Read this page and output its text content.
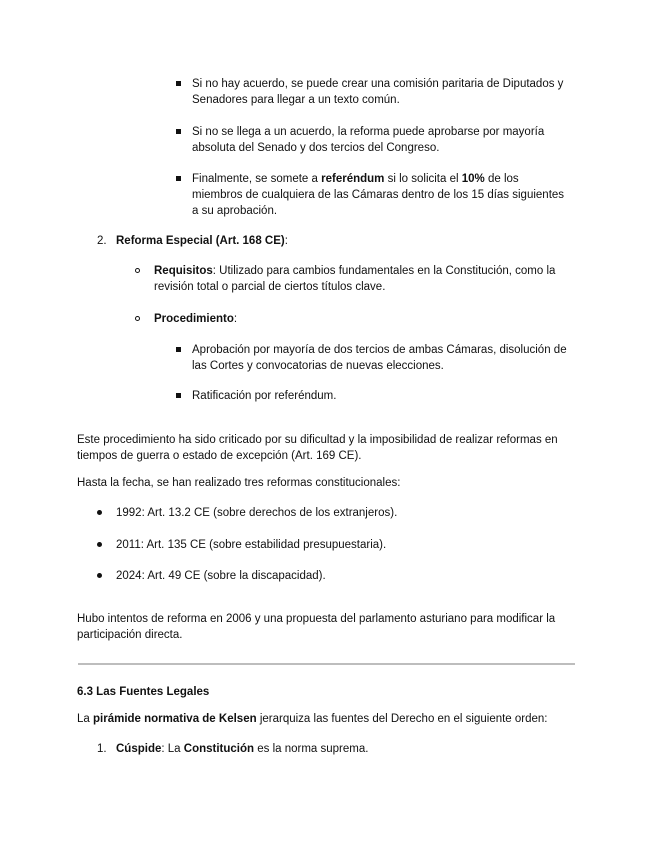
Si no hay acuerdo, se puede crear una comisión paritaria de Diputados y
Senadores para llegar a un texto común.
Si no se llega a un acuerdo, la reforma puede aprobarse por mayoría
absoluta del Senado y dos tercios del Congreso.
Finalmente, se somete a referéndum si lo solicita el 10% de los
miembros de cualquiera de las Cámaras dentro de los 15 días siguientes
a su aprobación.
2. Reforma Especial (Art. 168 CE):
Requisitos: Utilizado para cambios fundamentales en la Constitución, como la
revisión total o parcial de ciertos títulos clave.
Procedimiento:
Aprobación por mayoría de dos tercios de ambas Cámaras, disolución de
las Cortes y convocatorias de nuevas elecciones.
Ratificación por referéndum.
Este procedimiento ha sido criticado por su dificultad y la imposibilidad de realizar reformas en
tiempos de guerra o estado de excepción (Art. 169 CE).
Hasta la fecha, se han realizado tres reformas constitucionales:
1992: Art. 13.2 CE (sobre derechos de los extranjeros).
2011: Art. 135 CE (sobre estabilidad presupuestaria).
2024: Art. 49 CE (sobre la discapacidad).
Hubo intentos de reforma en 2006 y una propuesta del parlamento asturiano para modificar la
participación directa.
6.3 Las Fuentes Legales
La pirámide normativa de Kelsen jerarquiza las fuentes del Derecho en el siguiente orden:
1. Cúspide: La Constitución es la norma suprema.
